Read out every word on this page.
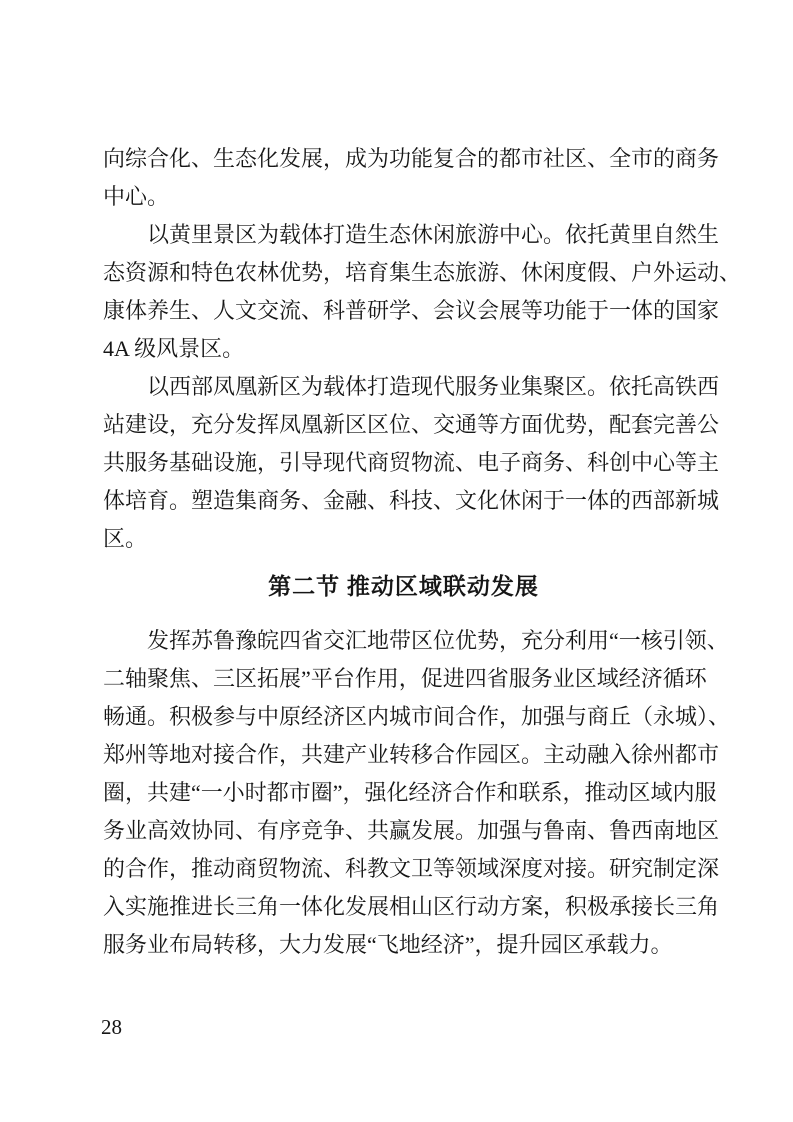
向综合化、生态化发展，成为功能复合的都市社区、全市的商务
中心。
以黄里景区为载体打造生态休闲旅游中心。依托黄里自然生
态资源和特色农林优势，培育集生态旅游、休闲度假、户外运动、
康体养生、人文交流、科普研学、会议会展等功能于一体的国家
4A 级风景区。
以西部凤凰新区为载体打造现代服务业集聚区。依托高铁西
站建设，充分发挥凤凰新区区位、交通等方面优势，配套完善公
共服务基础设施，引导现代商贸物流、电子商务、科创中心等主
体培育。塑造集商务、金融、科技、文化休闲于一体的西部新城
区。
第二节 推动区域联动发展
发挥苏鲁豫皖四省交汇地带区位优势，充分利用“一核引领、
二轴聚焦、三区拓展”平台作用，促进四省服务业区域经济循环
畅通。积极参与中原经济区内城市间合作，加强与商丘（永城）、
郑州等地对接合作，共建产业转移合作园区。主动融入徐州都市
圈，共建“一小时都市圈”，强化经济合作和联系，推动区域内服
务业高效协同、有序竞争、共赢发展。加强与鲁南、鲁西南地区
的合作，推动商贸物流、科教文卫等领域深度对接。研究制定深
入实施推进长三角一体化发展相山区行动方案，积极承接长三角
服务业布局转移，大力发展“飞地经济”，提升园区承载力。
28
